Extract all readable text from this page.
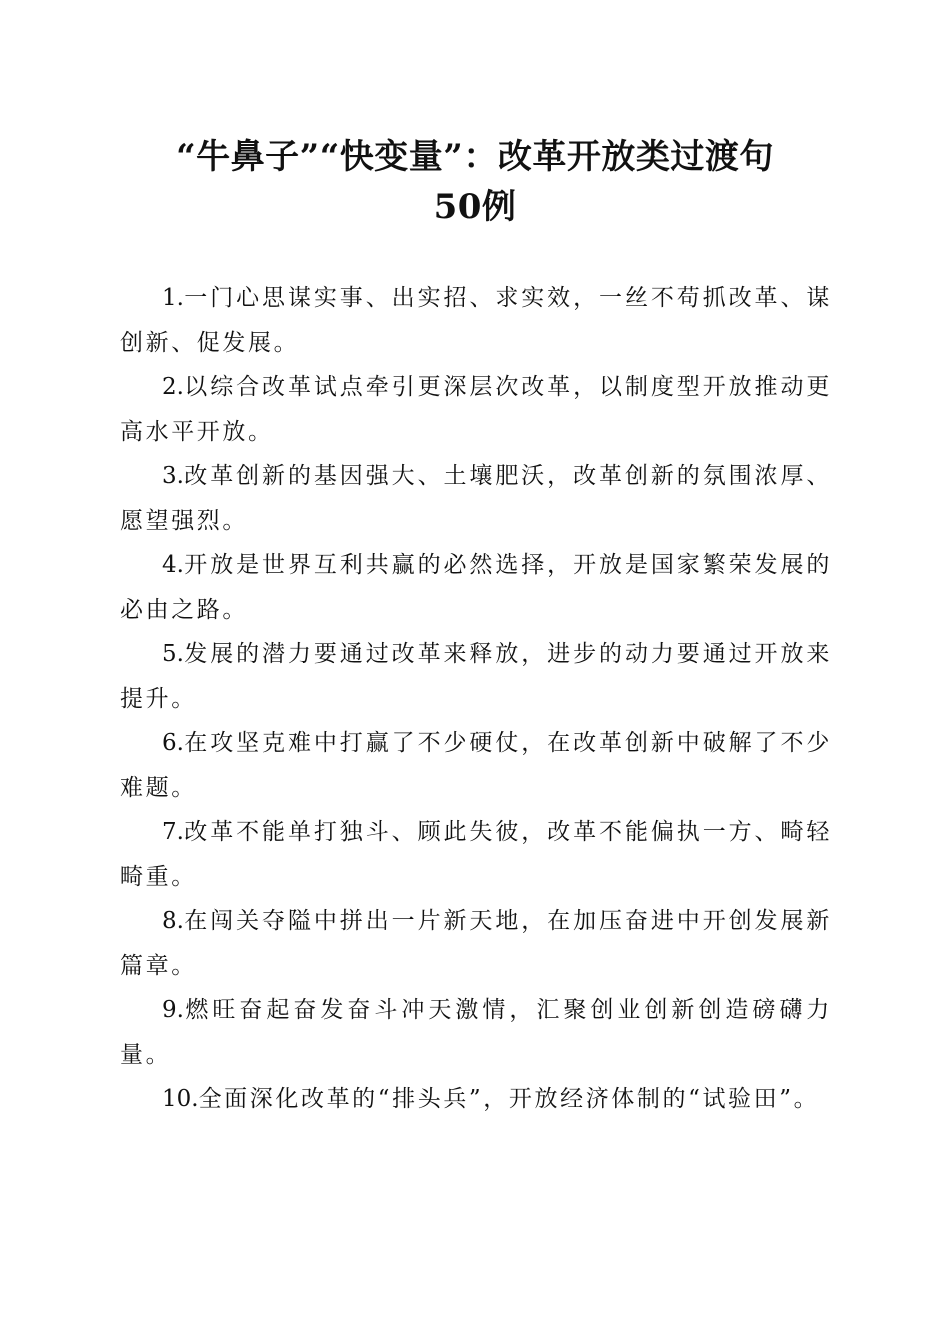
“牛鼻子”“快变量”：改革开放类过渡句
50例

1.一门心思谋实事、出实招、求实效，一丝不苟抓改革、谋创新、促发展。

2.以综合改革试点牵引更深层次改革，以制度型开放推动更高水平开放。

3.改革创新的基因强大、土壤肥沃，改革创新的氛围浓厚、愿望强烈。

4.开放是世界互利共赢的必然选择，开放是国家繁荣发展的必由之路。

5.发展的潜力要通过改革来释放，进步的动力要通过开放来提升。

6.在攻坚克难中打赢了不少硬仗，在改革创新中破解了不少难题。

7.改革不能单打独斗、顾此失彼，改革不能偏执一方、畸轻畸重。

8.在闯关夺隘中拼出一片新天地，在加压奋进中开创发展新篇章。

9.燃旺奋起奋发奋斗冲天激情，汇聚创业创新创造磅礴力量。

10.全面深化改革的“排头兵”，开放经济体制的“试验田”。
